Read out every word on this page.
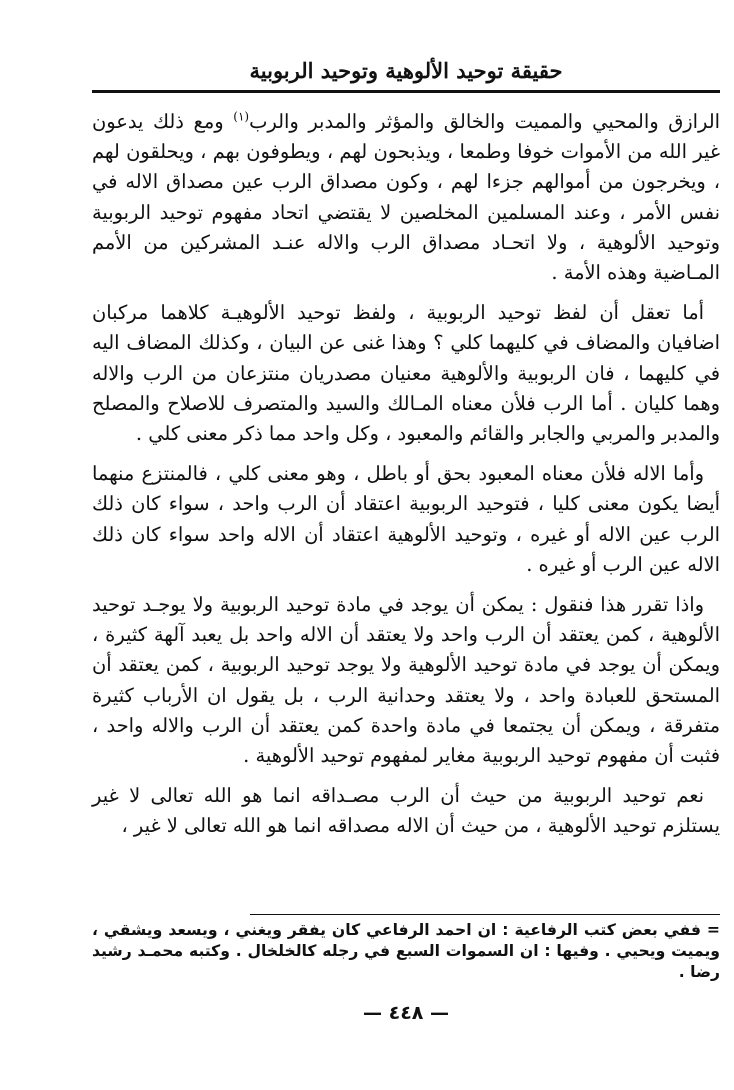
حقيقة توحيد الألوهية وتوحيد الربوبية

الرازق والمحيي والمميت والخالق والمؤثر والمدبر والرب$^{(١)}$ ومع ذلك يدعون غير الله من الأموات خوفا وطمعا ، ويذبحون لهم ، ويطوفون بهم ، ويحلقون لهم ، ويخرجون من أموالهم جزءا لهم ، وكون مصداق الرب عين مصداق الاله في نفس الأمر ، وعند المسلمين المخلصين لا يقتضي اتحاد مفهوم توحيد الربوبية وتوحيد الألوهية ، ولا اتحـاد مصداق الرب والاله عنـد المشركين من الأمم المـاضية وهذه الأمة .

أما تعقل أن لفظ توحيد الربوبية ، ولفظ توحيد الألوهيـة كلاهما مركبان اضافيان والمضاف في كليهما كلي ؟ وهذا غنى عن البيان ، وكذلك المضاف اليه في كليهما ، فان الربوبية والألوهية معنيان مصدريان منتزعان من الرب والاله وهما كليان . أما الرب فلأن معناه المـالك والسيد والمتصرف للاصلاح والمصلح والمدبر والمربي والجابر والقائم والمعبود ، وكل واحد مما ذكر معنى كلي .

وأما الاله فلأن معناه المعبود بحق أو باطل ، وهو معنى كلي ، فالمنتزع منهما أيضا يكون معنى كليا ، فتوحيد الربوبية اعتقاد أن الرب واحد ، سواء كان ذلك الرب عين الاله أو غيره ، وتوحيد الألوهية اعتقاد أن الاله واحد سواء كان ذلك الاله عين الرب أو غيره .

واذا تقرر هذا فنقول : يمكن أن يوجد في مادة توحيد الربوبية ولا يوجـد توحيد الألوهية ، كمن يعتقد أن الرب واحد ولا يعتقد أن الاله واحد بل يعبد آلهة كثيرة ، ويمكن أن يوجد في مادة توحيد الألوهية ولا يوجد توحيد الربوبية ، كمن يعتقد أن المستحق للعبادة واحد ، ولا يعتقد وحدانية الرب ، بل يقول ان الأرباب كثيرة متفرقة ، ويمكن أن يجتمعا في مادة واحدة كمن يعتقد أن الرب والاله واحد ، فثبت أن مفهوم توحيد الربوبية مغاير لمفهوم توحيد الألوهية .

نعم توحيد الربوبية من حيث أن الرب مصـداقه انما هو الله تعالى لا غير يستلزم توحيد الألوهية ، من حيث أن الاله مصداقه انما هو الله تعالى لا غير ،

= ففي بعض كتب الرفاعية : ان احمد الرفاعي كان يفقر ويغني ، ويسعد ويشقي ، ويميت ويحيي . وفيها : ان السموات السبع في رجله كالخلخال . وكتبه محمـد رشيد رضا .
— ٤٤٨ —
